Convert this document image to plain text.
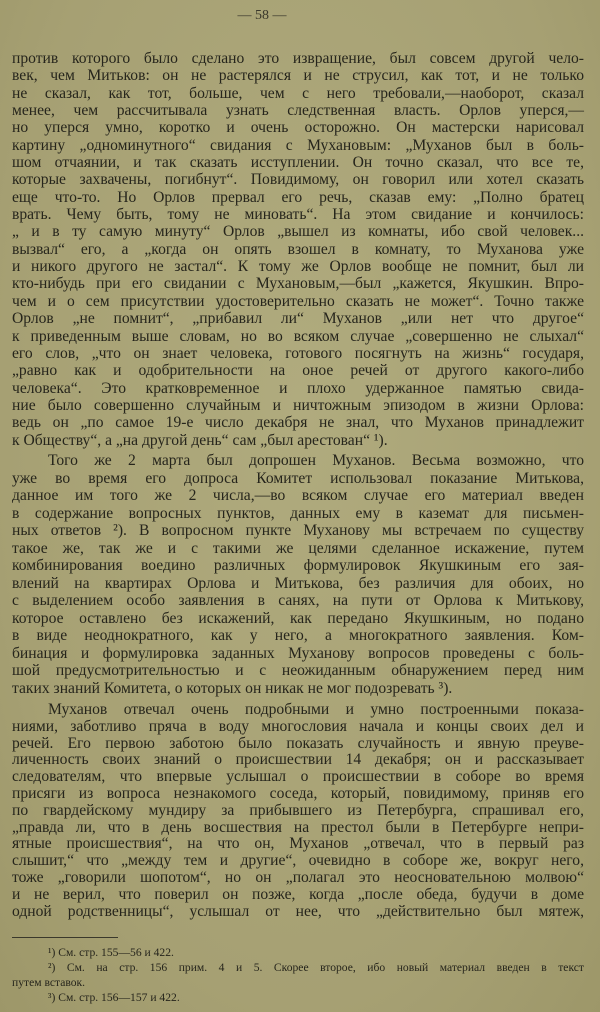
— 58 —
против которого было сделано это извращение, был совсем другой чело-
век, чем Митьков: он не растерялся и не струсил, как тот, и не только
не сказал, как тот, больше, чем с него требовали,—наоборот, сказал
менее, чем рассчитывала узнать следственная власть. Орлов уперся,—
но уперся умно, коротко и очень осторожно. Он мастерски нарисовал
картину „одноминутного“ свидания с Мухановым: „Муханов был в боль-
шом отчаянии, и так сказать исступлении. Он точно сказал, что все те,
которые захвачены, погибнут“. Повидимому, он говорил или хотел сказать
еще что-то. Но Орлов прервал его речь, сказав ему: „Полно братец
врать. Чему быть, тому не миновать“. На этом свидание и кончилось:
„ и в ту самую минуту“ Орлов „вышел из комнаты, ибо свой человек...
вызвал“ его, а „когда он опять взошел в комнату, то Муханова уже
и никого другого не застал“. К тому же Орлов вообще не помнит, был ли
кто-нибудь при его свидании с Мухановым,—был „кажется, Якушкин. Впро-
чем и о сем присутствии удостоверительно сказать не может“. Точно также
Орлов „не помнит“, „прибавил ли“ Муханов „или нет что другое“
к приведенным выше словам, но во всяком случае „совершенно не слыхал“
его слов, „что он знает человека, готового посягнуть на жизнь“ государя,
„равно как и одобрительности на оное речей от другого какого-либо
человека“. Это кратковременное и плохо удержанное памятью свида-
ние было совершенно случайным и ничтожным эпизодом в жизни Орлова:
ведь он „по самое 19-е число декабря не знал, что Муханов принадлежит
к Обществу“, а „на другой день“ сам „был арестован“ ¹).
Того же 2 марта был допрошен Муханов. Весьма возможно, что
уже во время его допроса Комитет использовал показание Митькова,
данное им того же 2 числа,—во всяком случае его материал введен
в содержание вопросных пунктов, данных ему в каземат для письмен-
ных ответов ²). В вопросном пункте Муханову мы встречаем по существу
такое же, так же и с такими же целями сделанное искажение, путем
комбинирования воедино различных формулировок Якушкиным его зая-
влений на квартирах Орлова и Митькова, без различия для обоих, но
с выделением особо заявления в санях, на пути от Орлова к Митькову,
которое оставлено без искажений, как передано Якушкиным, но подано
в виде неоднократного, как у него, а многократного заявления. Ком-
бинация и формулировка заданных Муханову вопросов проведены с боль-
шой предусмотрительностью и с неожиданным обнаружением перед ним
таких знаний Комитета, о которых он никак не мог подозревать ³).
Муханов отвечал очень подробными и умно построенными показа-
ниями, заботливо пряча в воду многословия начала и концы своих дел и
речей. Его первою заботою было показать случайность и явную преуве-
личенность своих знаний о происшествии 14 декабря; он и рассказывает
следователям, что впервые услышал о происшествии в соборе во время
присяги из вопроса незнакомого соседа, который, повидимому, приняв его
по гвардейскому мундиру за прибывшего из Петербурга, спрашивал его,
„правда ли, что в день восшествия на престол были в Петербурге непри-
ятные происшествия“, на что он, Муханов „отвечал, что в первый раз
слышит,“ что „между тем и другие“, очевидно в соборе же, вокруг него,
тоже „говорили шопотом“, но он „полагал это неосновательною молвою“
и не верил, что поверил он позже, когда „после обеда, будучи в доме
одной родственницы“, услышал от нее, что „действительно был мятеж,
¹) См. стр. 155—56 и 422.
²) См. на стр. 156 прим. 4 и 5. Скорее второе, ибо новый материал введен в текст
путем вставок.
³) См. стр. 156—157 и 422.
